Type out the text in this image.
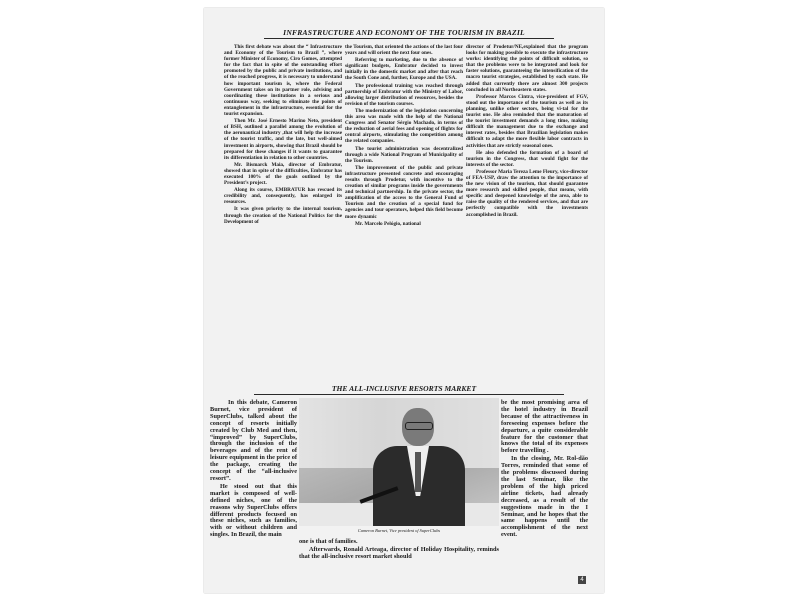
INFRASTRUCTURE AND ECONOMY OF THE TOURISM IN BRAZIL

This first debate was about the “ Infrastructure and Economy of the Tourism to Brazil ”, where former Minister of Economy, Ciro Gomes, attempted for the fact that in spite of the outstanding effort promoted by the public and private institutions, and of the reached progress, it is necessary to understand how important tourism is, where the Federal Government takes on its partner role, advising and coordinating these institutions in a serious and continuous way, seeking to eliminate the points of entanglement in the infrastructure, essential for the tourist expansion.

Then Mr. José Ernesto Marino Neto, president of BSH, outlined a parallel among the evolution of the aeronautical industry ,that will help the increase of the tourist traffic, and the late, but well-aimed investment in airports, showing that Brazil should be prepared for these changes if it wants to guarantee its differentiation in relation to other countries.

Mr. Bismarck Maia, director of Embratur, showed that in spite of the difficulties, Embratur has executed 100% of the goals outlined by the President’s project.

Along its course, EMBRATUR has rescued its credibility and, consequently, has enlarged its resources.

It was given priority to the internal tourism, through the creation of the National Politics for the Development of

the Tourism, that oriented the actions of the last four years and will orient the next four ones.

Referring to marketing, due to the absence of significant budgets, Embratur decided to invest initially in the domestic market and after that reach the South Cone and, further, Europe and the USA.

The professional training was reached through partnership of Embratur with the Ministry of Labor, allowing larger distribution of resources, besides the revision of the tourism courses.

The modernization of the legislation concerning this area was made with the help of the National Congress and Senator Sérgio Machado, in terms of the reduction of aerial fees and opening of flights for central airports, stimulating the competition among the related companies.

The tourist administration was decentralized through a wide National Program of Municipality of the Tourism.

The improvement of the public and private infrastructure presented concrete and encouraging results through Prodetur, with incentive to the creation of similar programs inside the governments and technical partnership. In the private sector, the amplification of the access to the General Fund of Tourism and the creation of a special fund for agencies and tour operators, helped this field become more dynamic

Mr. Marcelo Pelógio, national

director of Prodetur/NE,explained that the program looks for making possible to execute the infrastructure works: identifying the points of difficult solution, so that the problems were to be integrated and look for faster solutions, guaranteeing the intensification of the macro tourist strategies, established by each state. He added that currently there are almost 300 projects concluded in all Northeastern states.

Professor Marcos Cintra, vice-president of FGV, stood out the importance of the tourism as well as its planning, unlike other sectors, being vi-tal for the tourist one. He also reminded that the maturation of the tourist investment demands a long time, making difficult the management due to the exchange and interest rates, besides that Brazilian legislation makes difficult to adapt the more flexible labor contracts in activities that are strictly seasonal ones.

He also defended the formation of a board of tourism in the Congress, that would fight for the interests of the sector.

Professor Maria Tereza Leme Fleury, vice-director of FEA-USP, draw the attention to the importance of the new vision of the tourism, that should guarantee more research and skilled people, that means, with specific and deepened knowledge of the area, able to raise the quality of the rendered services, and that are perfectly compatible with the investments accomplished in Brazil.

THE ALL-INCLUSIVE RESORTS MARKET

In this debate, Cameron Burnet, vice president of SuperClubs, talked about the concept of resorts initially created by Club Med and then, “improved” by SuperClubs, through the inclusion of the beverages and of the rent of leisure equipment in the price of the package, creating the concept of the “all-inclusive resort”.

He stood out that this market is composed of well-defined niches, one of the reasons why SuperClubs offers different products focused on these niches, such as families, with or without children and singles. In Brazil, the main

Cameron Burnet, Vice president of SuperClubs

one is that of families.

Afterwards, Ronald Arteaga, director of Holiday Hospitality, reminds that the all-inclusive resort market should

be the most promising area of the hotel industry in Brazil because of the attractiveness in foreseeing expenses before the departure, a quite considerable feature for the customer that knows the total of its expenses before travelling .

In the closing, Mr. Rol-dão Torres, reminded that some of the problems discussed during the last Seminar, like the problem of the high priced airline tickets, had already decreased, as a result of the suggestions made in the I Seminar, and he hopes that the same happens until the accomplishment of the next event.

4
